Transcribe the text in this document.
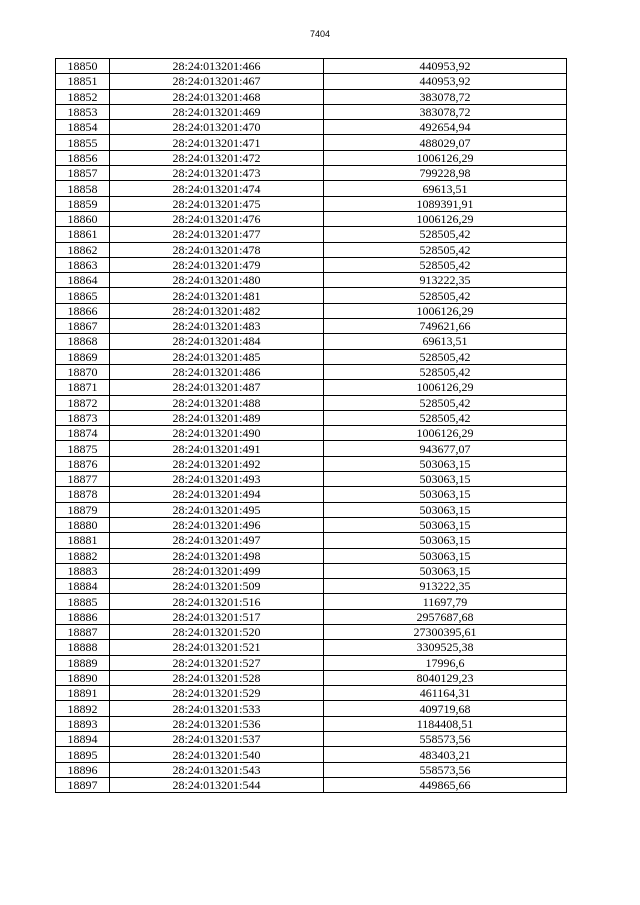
7404
18850	28:24:013201:466	440953,92
18851	28:24:013201:467	440953,92
18852	28:24:013201:468	383078,72
18853	28:24:013201:469	383078,72
18854	28:24:013201:470	492654,94
18855	28:24:013201:471	488029,07
18856	28:24:013201:472	1006126,29
18857	28:24:013201:473	799228,98
18858	28:24:013201:474	69613,51
18859	28:24:013201:475	1089391,91
18860	28:24:013201:476	1006126,29
18861	28:24:013201:477	528505,42
18862	28:24:013201:478	528505,42
18863	28:24:013201:479	528505,42
18864	28:24:013201:480	913222,35
18865	28:24:013201:481	528505,42
18866	28:24:013201:482	1006126,29
18867	28:24:013201:483	749621,66
18868	28:24:013201:484	69613,51
18869	28:24:013201:485	528505,42
18870	28:24:013201:486	528505,42
18871	28:24:013201:487	1006126,29
18872	28:24:013201:488	528505,42
18873	28:24:013201:489	528505,42
18874	28:24:013201:490	1006126,29
18875	28:24:013201:491	943677,07
18876	28:24:013201:492	503063,15
18877	28:24:013201:493	503063,15
18878	28:24:013201:494	503063,15
18879	28:24:013201:495	503063,15
18880	28:24:013201:496	503063,15
18881	28:24:013201:497	503063,15
18882	28:24:013201:498	503063,15
18883	28:24:013201:499	503063,15
18884	28:24:013201:509	913222,35
18885	28:24:013201:516	11697,79
18886	28:24:013201:517	2957687,68
18887	28:24:013201:520	27300395,61
18888	28:24:013201:521	3309525,38
18889	28:24:013201:527	17996,6
18890	28:24:013201:528	8040129,23
18891	28:24:013201:529	461164,31
18892	28:24:013201:533	409719,68
18893	28:24:013201:536	1184408,51
18894	28:24:013201:537	558573,56
18895	28:24:013201:540	483403,21
18896	28:24:013201:543	558573,56
18897	28:24:013201:544	449865,66
